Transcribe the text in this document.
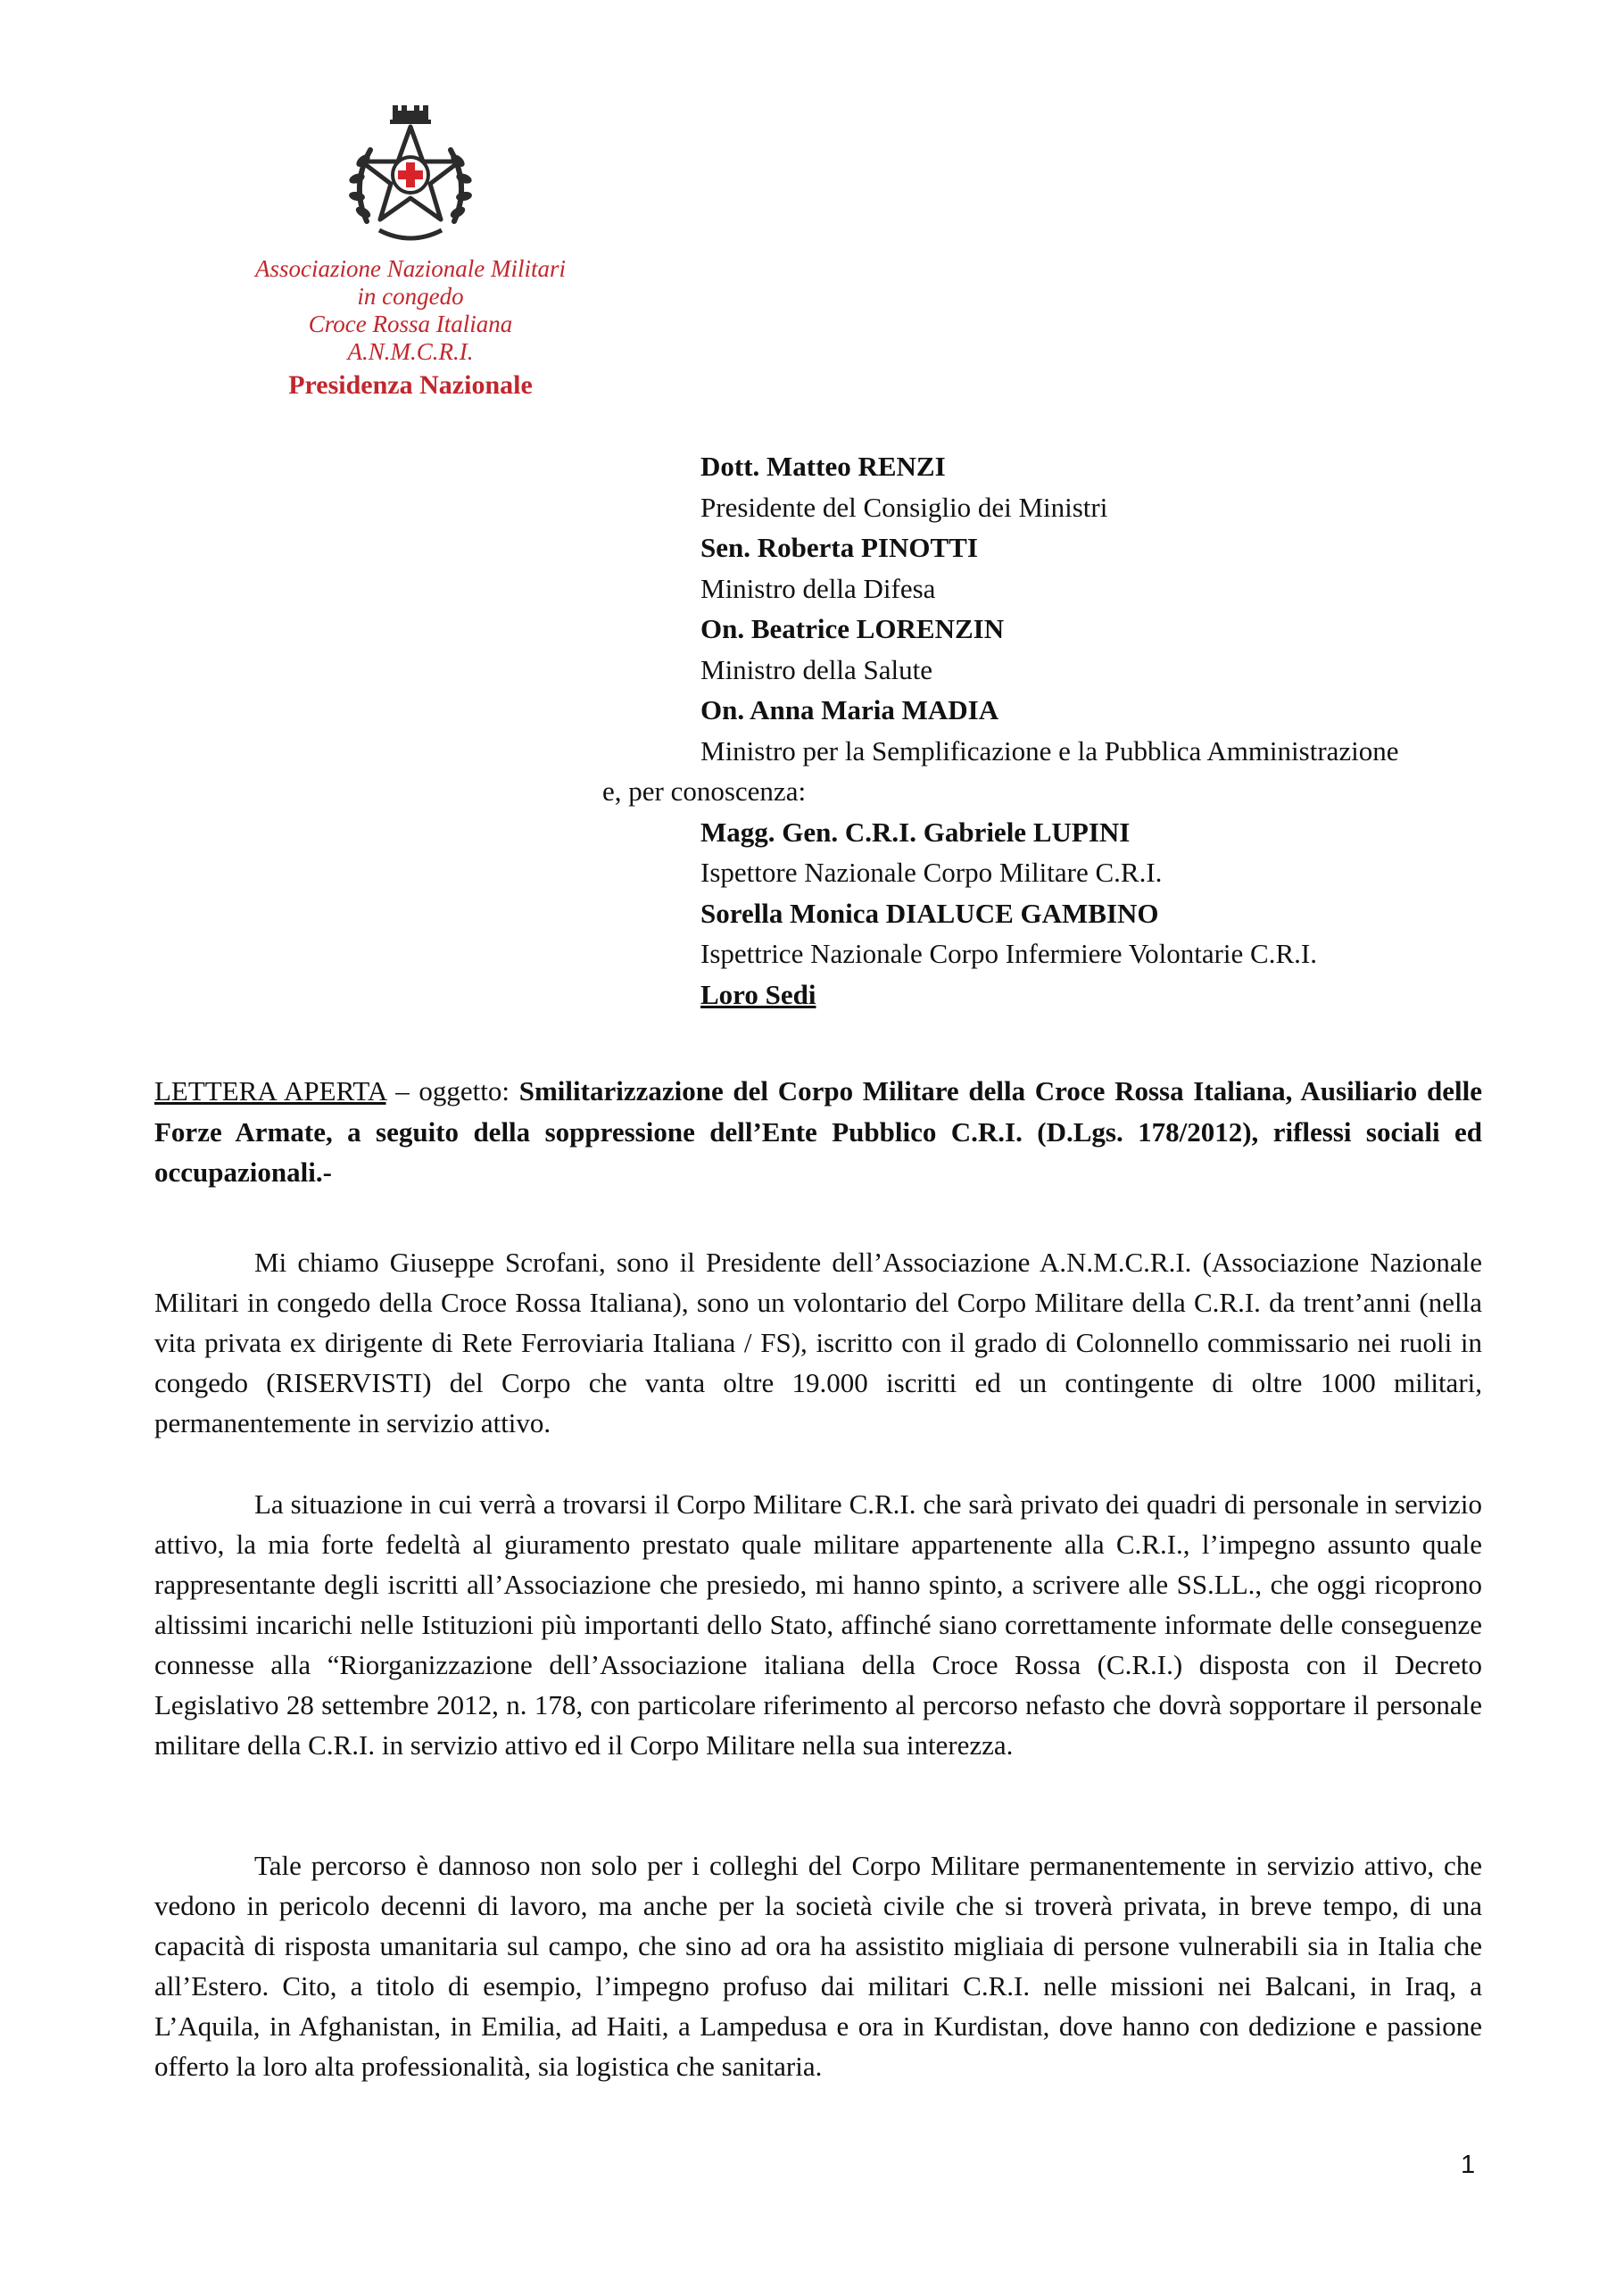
Associazione Nazionale Militari
in congedo
Croce Rossa Italiana
A.N.M.C.R.I.
Presidenza Nazionale
Dott. Matteo RENZI
Presidente del Consiglio dei Ministri
Sen. Roberta PINOTTI
Ministro della Difesa
On. Beatrice LORENZIN
Ministro della Salute
On. Anna Maria MADIA
Ministro per la Semplificazione e la Pubblica Amministrazione
e, per conoscenza:
Magg. Gen. C.R.I. Gabriele LUPINI
Ispettore Nazionale Corpo Militare C.R.I.
Sorella Monica DIALUCE GAMBINO
Ispettrice Nazionale Corpo Infermiere Volontarie C.R.I.
Loro Sedi
LETTERA APERTA – oggetto: Smilitarizzazione del Corpo Militare della Croce Rossa Italiana, Ausiliario delle Forze Armate, a seguito della soppressione dell’Ente Pubblico C.R.I. (D.Lgs. 178/2012), riflessi sociali ed occupazionali.-

Mi chiamo Giuseppe Scrofani, sono il Presidente dell’Associazione A.N.M.C.R.I. (Associazione Nazionale Militari in congedo della Croce Rossa Italiana), sono un volontario del Corpo Militare della C.R.I. da trent’anni (nella vita privata ex dirigente di Rete Ferroviaria Italiana / FS), iscritto con il grado di Colonnello commissario nei ruoli in congedo (RISERVISTI) del Corpo che vanta oltre 19.000 iscritti ed un contingente di oltre 1000 militari, permanentemente in servizio attivo.

La situazione in cui verrà a trovarsi il Corpo Militare C.R.I. che sarà privato dei quadri di personale in servizio attivo, la mia forte fedeltà al giuramento prestato quale militare appartenente alla C.R.I., l’impegno assunto quale rappresentante degli iscritti all’Associazione che presiedo, mi hanno spinto, a scrivere alle SS.LL., che oggi ricoprono altissimi incarichi nelle Istituzioni più importanti dello Stato, affinché siano correttamente informate delle conseguenze connesse alla “Riorganizzazione dell’Associazione italiana della Croce Rossa (C.R.I.) disposta con il Decreto Legislativo 28 settembre 2012, n. 178, con particolare riferimento al percorso nefasto che dovrà sopportare il personale militare della C.R.I. in servizio attivo ed il Corpo Militare nella sua interezza.

Tale percorso è dannoso non solo per i colleghi del Corpo Militare permanentemente in servizio attivo, che vedono in pericolo decenni di lavoro, ma anche per la società civile che si troverà privata, in breve tempo, di una capacità di risposta umanitaria sul campo, che sino ad ora ha assistito migliaia di persone vulnerabili sia in Italia che all’Estero. Cito, a titolo di esempio, l’impegno profuso dai militari C.R.I. nelle missioni nei Balcani, in Iraq, a L’Aquila, in Afghanistan, in Emilia, ad Haiti, a Lampedusa e ora in Kurdistan, dove hanno con dedizione e passione offerto la loro alta professionalità, sia logistica che sanitaria.

1
